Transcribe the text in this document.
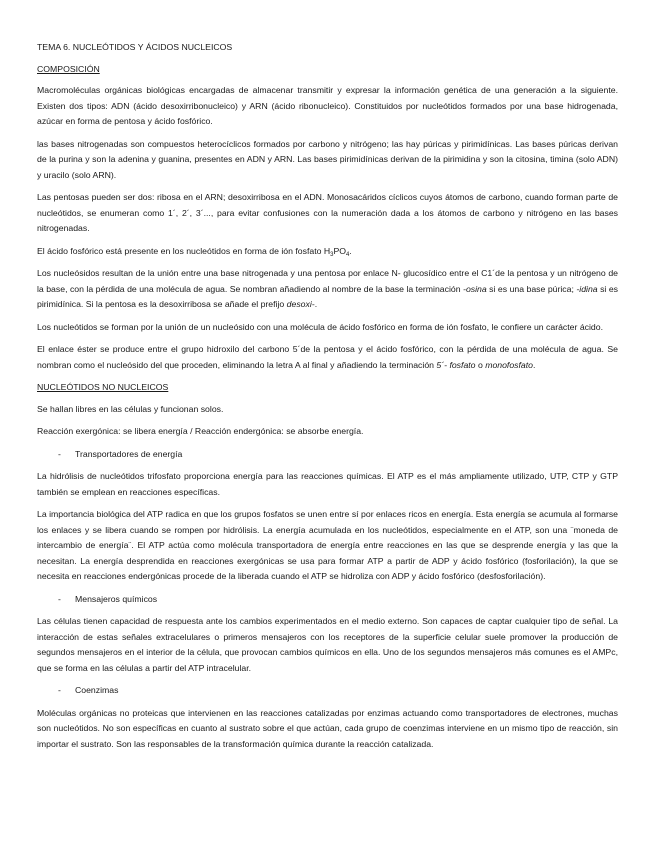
TEMA 6. NUCLEÓTIDOS Y ÁCIDOS NUCLEICOS

COMPOSICIÓN

Macromoléculas orgánicas biológicas encargadas de almacenar transmitir y expresar la información genética de una generación a la siguiente. Existen dos tipos: ADN (ácido desoxirribonucleico) y ARN (ácido ribonucleico). Constituidos por nucleótidos formados por una base hidrogenada, azúcar en forma de pentosa y ácido fosfórico.

las bases nitrogenadas son compuestos heterocíclicos formados por carbono y nitrógeno; las hay púricas y pirimidínicas. Las bases púricas derivan de la purina y son la adenina y guanina, presentes en ADN y ARN. Las bases pirimidínicas derivan de la pirimidina y son la citosina, timina (solo ADN) y uracilo (solo ARN).

Las pentosas pueden ser dos: ribosa en el ARN; desoxirribosa en el ADN. Monosacáridos cíclicos cuyos átomos de carbono, cuando forman parte de nucleótidos, se enumeran como 1´, 2´, 3´..., para evitar confusiones con la numeración dada a los átomos de carbono y nitrógeno en las bases nitrogenadas.

El ácido fosfórico está presente en los nucleótidos en forma de ión fosfato $H_3PO_4$.

Los nucleósidos resultan de la unión entre una base nitrogenada y una pentosa por enlace N- glucosídico entre el C1´de la pentosa y un nitrógeno de la base, con la pérdida de una molécula de agua. Se nombran añadiendo al nombre de la base la terminación -osina si es una base púrica; -idina si es pirimidínica. Si la pentosa es la desoxirribosa se añade el prefijo desoxi-.

Los nucleótidos se forman por la unión de un nucleósido con una molécula de ácido fosfórico en forma de ión fosfato, le confiere un carácter ácido.

El enlace éster se produce entre el grupo hidroxilo del carbono 5´de la pentosa y el ácido fosfórico, con la pérdida de una molécula de agua. Se nombran como el nucleósido del que proceden, eliminando la letra A al final y añadiendo la terminación 5´- fosfato o monofosfato.

NUCLEÓTIDOS NO NUCLEICOS

Se hallan libres en las células y funcionan solos.

Reacción exergónica: se libera energía / Reacción endergónica: se absorbe energía.

- Transportadores de energía

La hidrólisis de nucleótidos trifosfato proporciona energía para las reacciones químicas. El ATP es el más ampliamente utilizado, UTP, CTP y GTP también se emplean en reacciones específicas.

La importancia biológica del ATP radica en que los grupos fosfatos se unen entre sí por enlaces ricos en energía. Esta energía se acumula al formarse los enlaces y se libera cuando se rompen por hidrólisis. La energía acumulada en los nucleótidos, especialmente en el ATP, son una ¨moneda de intercambio de energía¨. El ATP actúa como molécula transportadora de energía entre reacciones en las que se desprende energía y las que la necesitan. La energía desprendida en reacciones exergónicas se usa para formar ATP a partir de ADP y ácido fosfórico (fosforilación), la que se necesita en reacciones endergónicas procede de la liberada cuando el ATP se hidroliza con ADP y ácido fosfórico (desfosforilación).

- Mensajeros químicos

Las células tienen capacidad de respuesta ante los cambios experimentados en el medio externo. Son capaces de captar cualquier tipo de señal. La interacción de estas señales extracelulares o primeros mensajeros con los receptores de la superficie celular suele promover la producción de segundos mensajeros en el interior de la célula, que provocan cambios químicos en ella. Uno de los segundos mensajeros más comunes es el AMPc, que se forma en las células a partir del ATP intracelular.

- Coenzimas

Moléculas orgánicas no proteicas que intervienen en las reacciones catalizadas por enzimas actuando como transportadores de electrones, muchas son nucleótidos. No son específicas en cuanto al sustrato sobre el que actúan, cada grupo de coenzimas interviene en un mismo tipo de reacción, sin importar el sustrato. Son las responsables de la transformación química durante la reacción catalizada.
